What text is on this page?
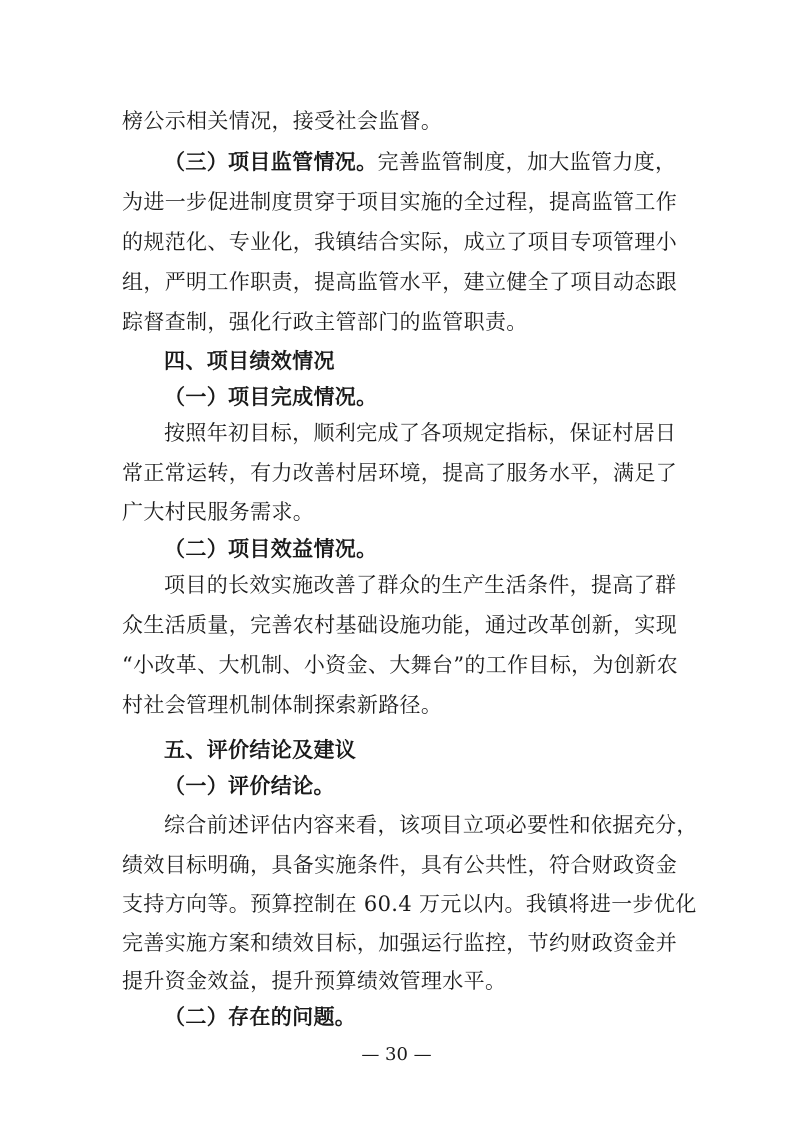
榜公示相关情况，接受社会监督。
（三）项目监管情况。完善监管制度，加大监管力度，
为进一步促进制度贯穿于项目实施的全过程，提高监管工作
的规范化、专业化，我镇结合实际，成立了项目专项管理小
组，严明工作职责，提高监管水平，建立健全了项目动态跟
踪督查制，强化行政主管部门的监管职责。
四、项目绩效情况
（一）项目完成情况。
按照年初目标，顺利完成了各项规定指标，保证村居日
常正常运转，有力改善村居环境，提高了服务水平，满足了
广大村民服务需求。
（二）项目效益情况。
项目的长效实施改善了群众的生产生活条件，提高了群
众生活质量，完善农村基础设施功能，通过改革创新，实现
“小改革、大机制、小资金、大舞台”的工作目标，为创新农
村社会管理机制体制探索新路径。
五、评价结论及建议
（一）评价结论。
综合前述评估内容来看，该项目立项必要性和依据充分，
绩效目标明确，具备实施条件，具有公共性，符合财政资金
支持方向等。预算控制在 60.4 万元以内。我镇将进一步优化
完善实施方案和绩效目标，加强运行监控，节约财政资金并
提升资金效益，提升预算绩效管理水平。
（二）存在的问题。
— 30 —
